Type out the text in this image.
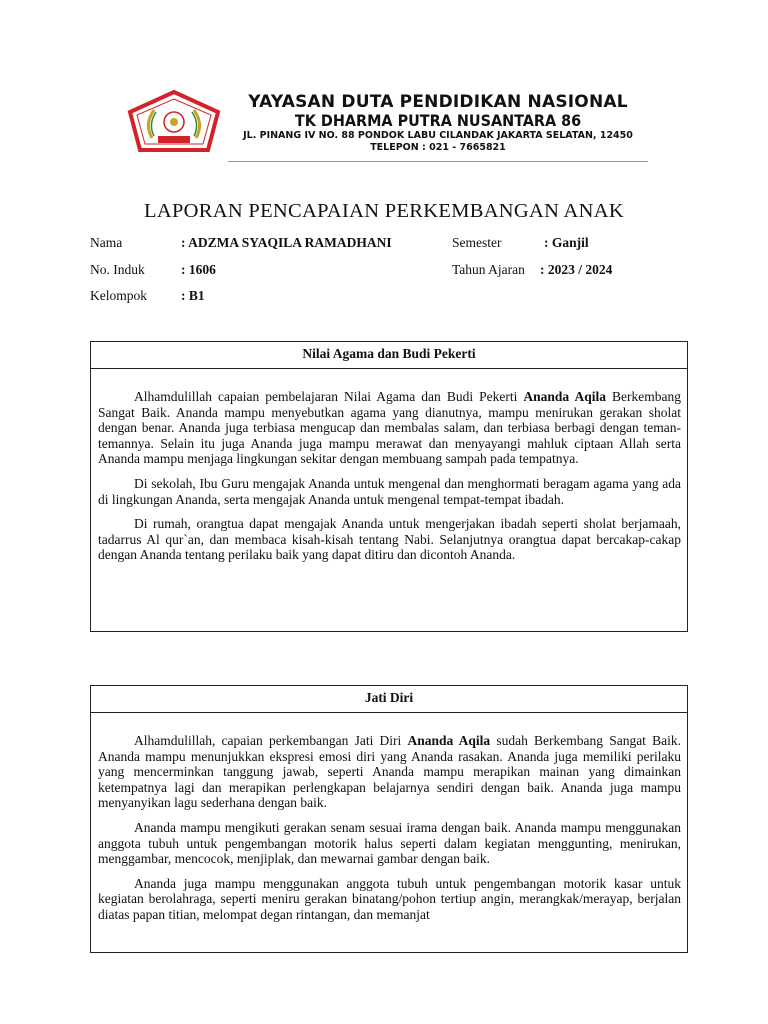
YAYASAN DUTA PENDIDIKAN NASIONAL
TK DHARMA PUTRA NUSANTARA 86
JL. PINANG IV NO. 88 PONDOK LABU CILANDAK JAKARTA SELATAN, 12450
TELEPON : 021 - 7665821
LAPORAN PENCAPAIAN PERKEMBANGAN ANAK
Nama	: ADZMA SYAQILA RAMADHANI	Semester	: Ganjil
No. Induk	: 1606	Tahun Ajaran : 2023 / 2024
Kelompok	: B1
Nilai Agama dan Budi Pekerti

Alhamdulillah capaian pembelajaran Nilai Agama dan Budi Pekerti Ananda Aqila Berkembang Sangat Baik. Ananda mampu menyebutkan agama yang dianutnya, mampu menirukan gerakan sholat dengan benar. Ananda juga terbiasa mengucap dan membalas salam, dan terbiasa berbagi dengan teman-temannya. Selain itu juga Ananda juga mampu merawat dan menyayangi mahluk ciptaan Allah serta Ananda mampu menjaga lingkungan sekitar dengan membuang sampah pada tempatnya.

Di sekolah, Ibu Guru mengajak Ananda untuk mengenal dan menghormati beragam agama yang ada di lingkungan Ananda, serta mengajak Ananda untuk mengenal tempat-tempat ibadah.

Di rumah, orangtua dapat mengajak Ananda untuk mengerjakan ibadah seperti sholat berjamaah, tadarrus Al qur`an, dan membaca kisah-kisah tentang Nabi. Selanjutnya orangtua dapat bercakap-cakap dengan Ananda tentang perilaku baik yang dapat ditiru dan dicontoh Ananda.

Jati Diri

Alhamdulillah, capaian perkembangan Jati Diri Ananda Aqila sudah Berkembang Sangat Baik. Ananda mampu menunjukkan ekspresi emosi diri yang Ananda rasakan. Ananda juga memiliki perilaku yang mencerminkan tanggung jawab, seperti Ananda mampu merapikan mainan yang dimainkan ketempatnya lagi dan merapikan perlengkapan belajarnya sendiri dengan baik. Ananda juga mampu menyanyikan lagu sederhana dengan baik.

Ananda mampu mengikuti gerakan senam sesuai irama dengan baik. Ananda mampu menggunakan anggota tubuh untuk pengembangan motorik halus seperti dalam kegiatan menggunting, menirukan, menggambar, mencocok, menjiplak, dan mewarnai gambar dengan baik.

Ananda juga mampu menggunakan anggota tubuh untuk pengembangan motorik kasar untuk kegiatan berolahraga, seperti meniru gerakan binatang/pohon tertiup angin, merangkak/merayap, berjalan diatas papan titian, melompat degan rintangan, dan memanjat
